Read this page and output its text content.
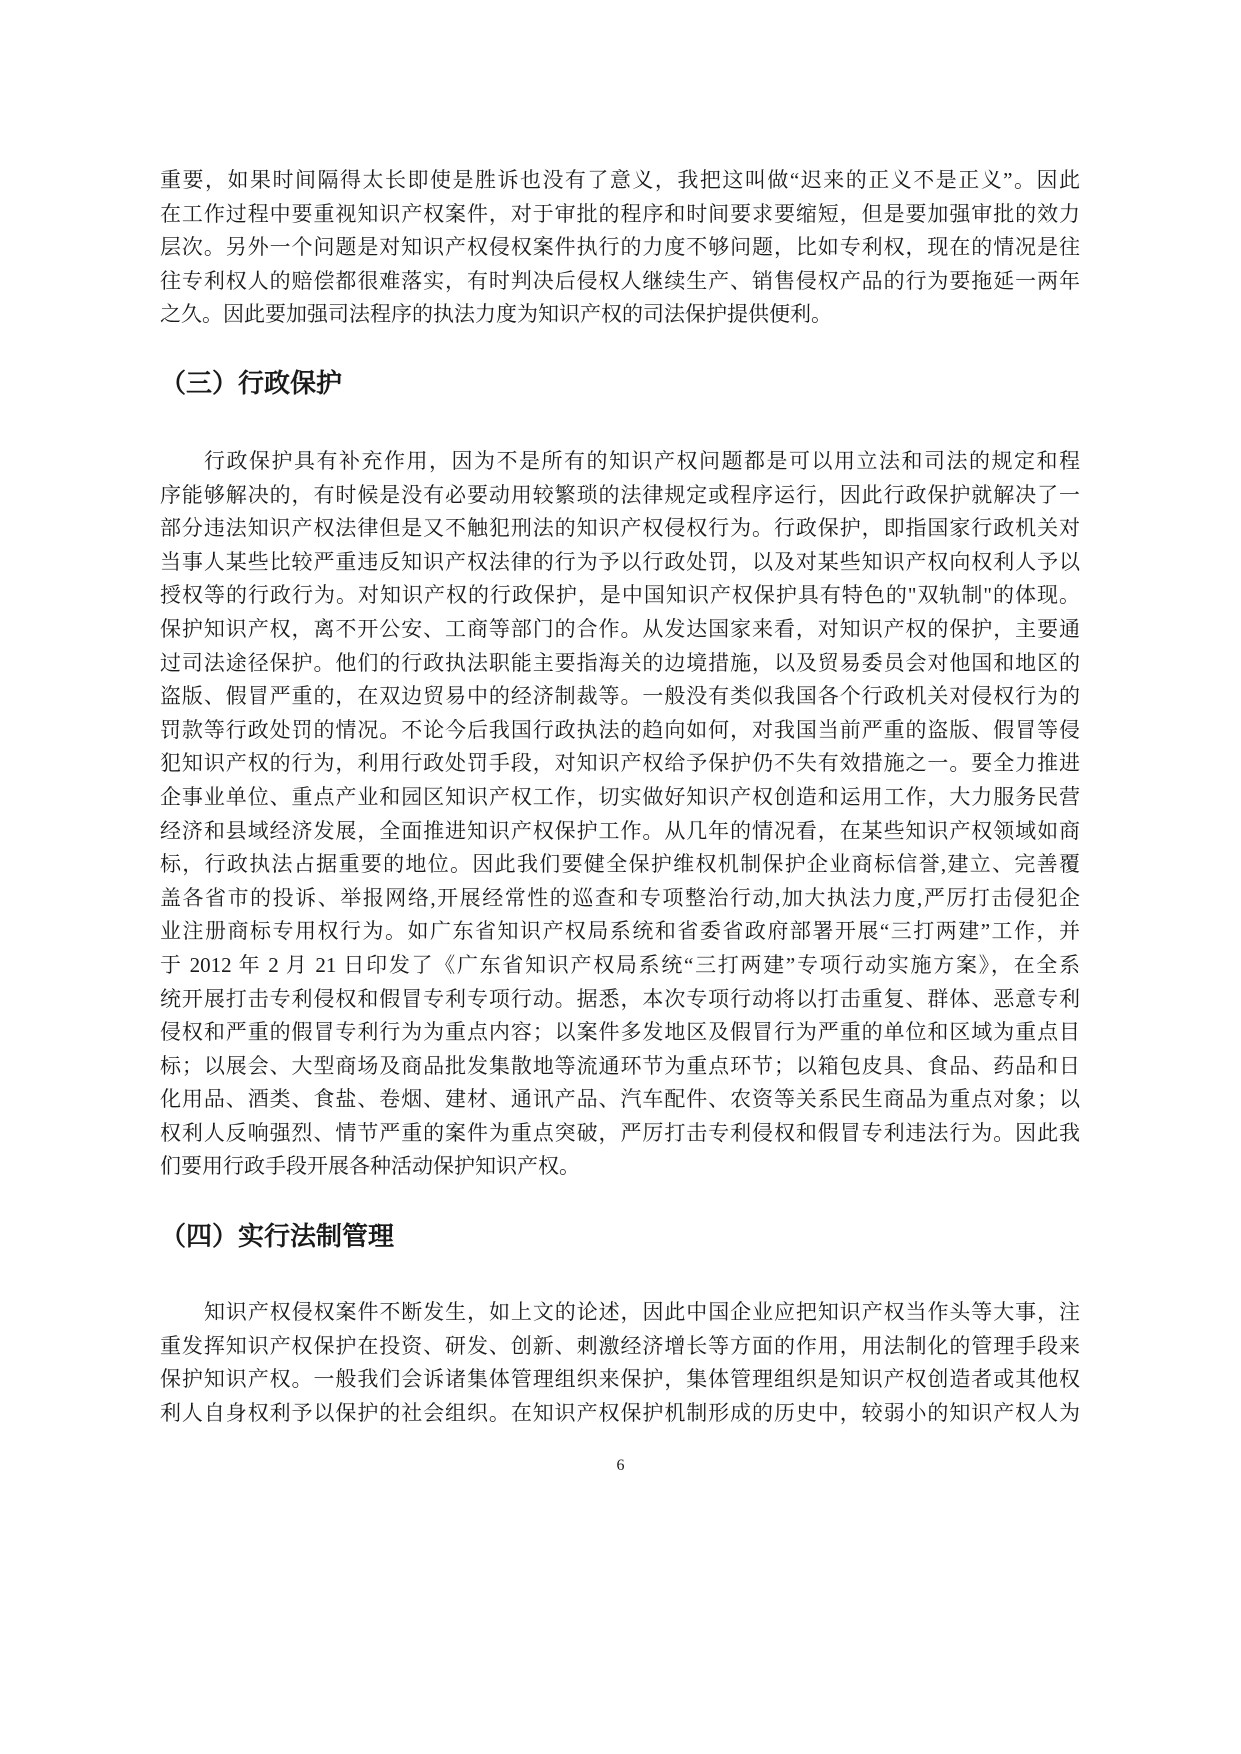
重要，如果时间隔得太长即使是胜诉也没有了意义，我把这叫做“迟来的正义不是正义”。因此
在工作过程中要重视知识产权案件，对于审批的程序和时间要求要缩短，但是要加强审批的效力
层次。另外一个问题是对知识产权侵权案件执行的力度不够问题，比如专利权，现在的情况是往
往专利权人的赔偿都很难落实，有时判决后侵权人继续生产、销售侵权产品的行为要拖延一两年
之久。因此要加强司法程序的执法力度为知识产权的司法保护提供便利。
（三）行政保护
行政保护具有补充作用，因为不是所有的知识产权问题都是可以用立法和司法的规定和程
序能够解决的，有时候是没有必要动用较繁琐的法律规定或程序运行，因此行政保护就解决了一
部分违法知识产权法律但是又不触犯刑法的知识产权侵权行为。行政保护，即指国家行政机关对
当事人某些比较严重违反知识产权法律的行为予以行政处罚，以及对某些知识产权向权利人予以
授权等的行政行为。对知识产权的行政保护，是中国知识产权保护具有特色的"双轨制"的体现。
保护知识产权，离不开公安、工商等部门的合作。从发达国家来看，对知识产权的保护，主要通
过司法途径保护。他们的行政执法职能主要指海关的边境措施，以及贸易委员会对他国和地区的
盗版、假冒严重的，在双边贸易中的经济制裁等。一般没有类似我国各个行政机关对侵权行为的
罚款等行政处罚的情况。不论今后我国行政执法的趋向如何，对我国当前严重的盗版、假冒等侵
犯知识产权的行为，利用行政处罚手段，对知识产权给予保护仍不失有效措施之一。要全力推进
企事业单位、重点产业和园区知识产权工作，切实做好知识产权创造和运用工作，大力服务民营
经济和县域经济发展，全面推进知识产权保护工作。从几年的情况看，在某些知识产权领域如商
标，行政执法占据重要的地位。因此我们要健全保护维权机制保护企业商标信誉,建立、完善覆
盖各省市的投诉、举报网络,开展经常性的巡查和专项整治行动,加大执法力度,严厉打击侵犯企
业注册商标专用权行为。如广东省知识产权局系统和省委省政府部署开展“三打两建”工作，并
于 2012 年 2 月 21 日印发了《广东省知识产权局系统“三打两建”专项行动实施方案》，在全系
统开展打击专利侵权和假冒专利专项行动。据悉，本次专项行动将以打击重复、群体、恶意专利
侵权和严重的假冒专利行为为重点内容；以案件多发地区及假冒行为严重的单位和区域为重点目
标；以展会、大型商场及商品批发集散地等流通环节为重点环节；以箱包皮具、食品、药品和日
化用品、酒类、食盐、卷烟、建材、通讯产品、汽车配件、农资等关系民生商品为重点对象；以
权利人反响强烈、情节严重的案件为重点突破，严厉打击专利侵权和假冒专利违法行为。因此我
们要用行政手段开展各种活动保护知识产权。
（四）实行法制管理
知识产权侵权案件不断发生，如上文的论述，因此中国企业应把知识产权当作头等大事，注
重发挥知识产权保护在投资、研发、创新、刺激经济增长等方面的作用，用法制化的管理手段来
保护知识产权。一般我们会诉诸集体管理组织来保护，集体管理组织是知识产权创造者或其他权
利人自身权利予以保护的社会组织。在知识产权保护机制形成的历史中，较弱小的知识产权人为
6
